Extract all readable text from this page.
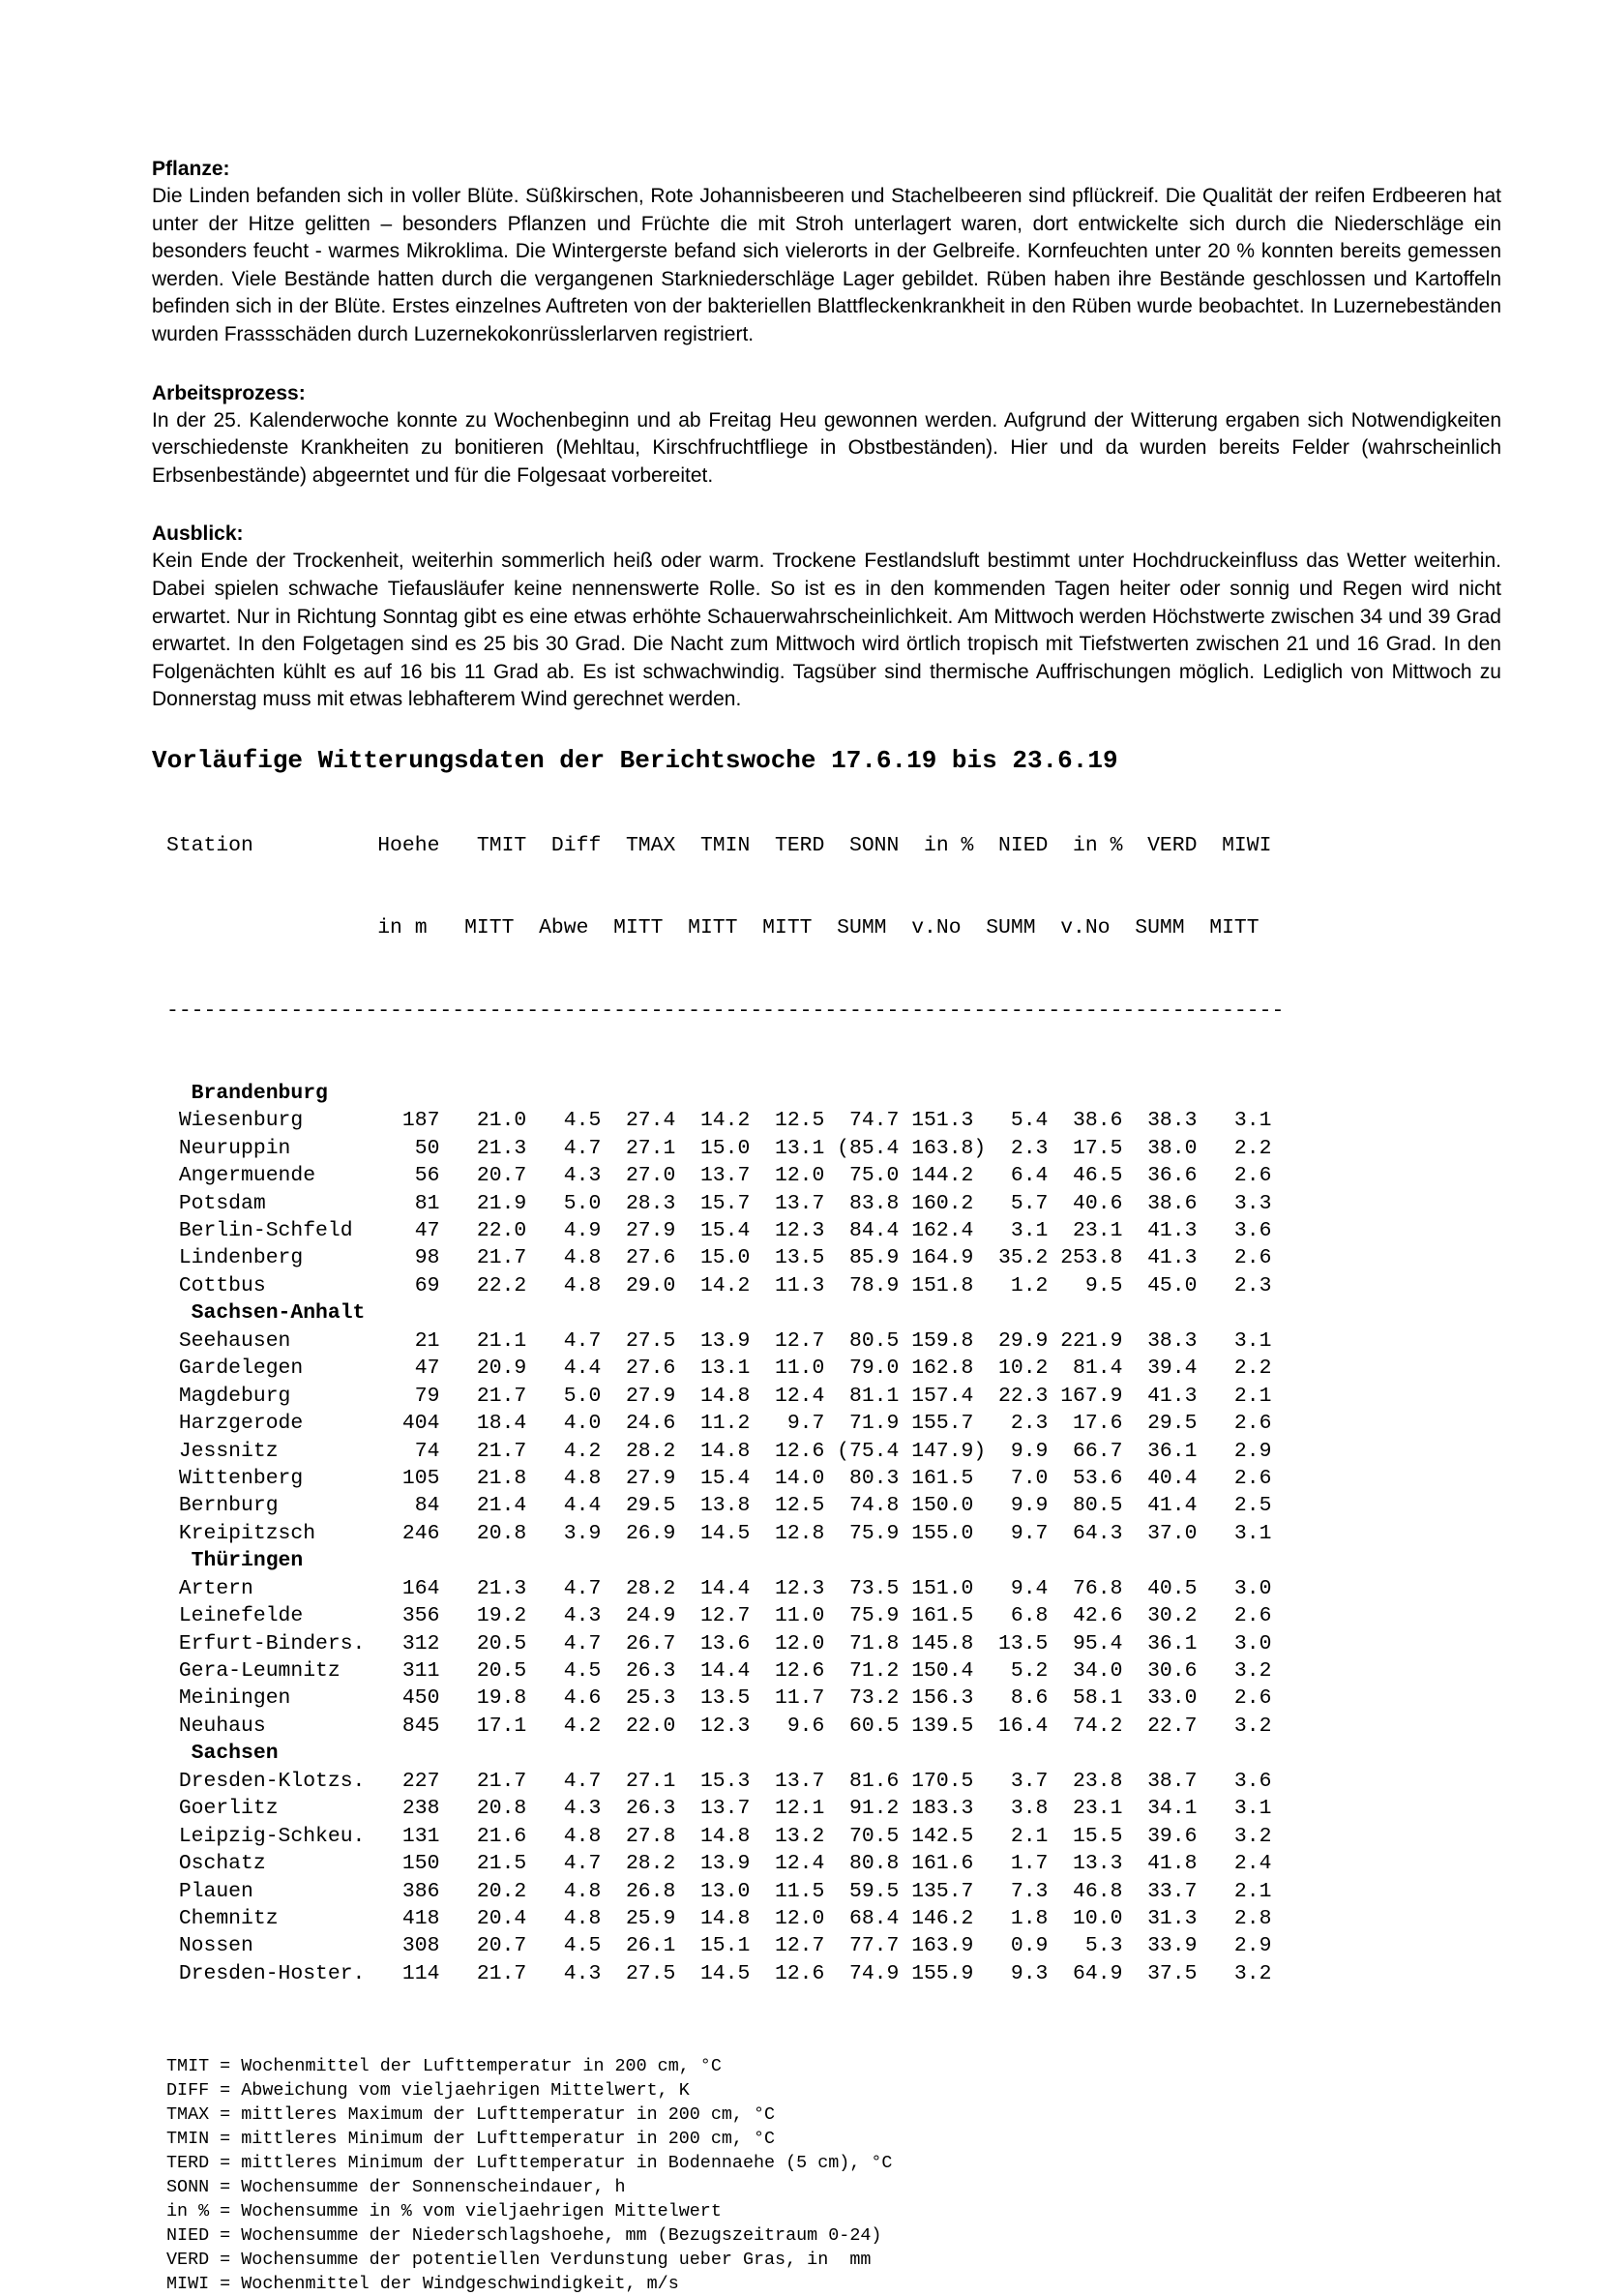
Pflanze:

Die Linden befanden sich in voller Blüte. Süßkirschen, Rote Johannisbeeren und Stachelbeeren sind pflückreif. Die Qualität der reifen Erdbeeren hat unter der Hitze gelitten – besonders Pflanzen und Früchte die mit Stroh unterlagert waren, dort entwickelte sich durch die Niederschläge ein besonders feucht - warmes Mikroklima. Die Wintergerste befand sich vielerorts in der Gelbreife. Kornfeuchten unter 20 % konnten bereits gemessen werden. Viele Bestände hatten durch die vergangenen Starkniederschläge Lager gebildet. Rüben haben ihre Bestände geschlossen und Kartoffeln befinden sich in der Blüte. Erstes einzelnes Auftreten von der bakteriellen Blattfleckenkrankheit in den Rüben wurde beobachtet. In Luzernebeständen wurden Frassschäden durch Luzernekokonrüsslerlarven registriert.

Arbeitsprozess:

In der 25. Kalenderwoche konnte zu Wochenbeginn und ab Freitag Heu gewonnen werden. Aufgrund der Witterung ergaben sich Notwendigkeiten verschiedenste Krankheiten zu bonitieren (Mehltau, Kirschfruchtfliege in Obstbeständen). Hier und da wurden bereits Felder (wahrscheinlich Erbsenbestände) abgeerntet und für die Folgesaat vorbereitet.

Ausblick:

Kein Ende der Trockenheit, weiterhin sommerlich heiß oder warm. Trockene Festlandsluft bestimmt unter Hochdruckeinfluss das Wetter weiterhin. Dabei spielen schwache Tiefausläufer keine nennenswerte Rolle. So ist es in den kommenden Tagen heiter oder sonnig und Regen wird nicht erwartet. Nur in Richtung Sonntag gibt es eine etwas erhöhte Schauerwahrscheinlichkeit. Am Mittwoch werden Höchstwerte zwischen 34 und 39 Grad erwartet. In den Folgetagen sind es 25 bis 30 Grad. Die Nacht zum Mittwoch wird örtlich tropisch mit Tiefstwerten zwischen 21 und 16 Grad. In den Folgenächten kühlt es auf 16 bis 11 Grad ab. Es ist schwachwindig. Tagsüber sind thermische Auffrischungen möglich. Lediglich von Mittwoch zu Donnerstag muss mit etwas lebhafterem Wind gerechnet werden.

Vorläufige Witterungsdaten der Berichtswoche 17.6.19 bis 23.6.19

Station          Hoehe   TMIT  Diff  TMAX  TMIN  TERD  SONN  in %  NIED  in %  VERD  MIWI

in m   MITT  Abwe  MITT  MITT  MITT  SUMM  v.No  SUMM  v.No  SUMM  MITT

------------------------------------------------------------------------------------------

Brandenburg
Wiesenburg        187   21.0   4.5  27.4  14.2  12.5  74.7 151.3   5.4  38.6  38.3   3.1
Neuruppin          50   21.3   4.7  27.1  15.0  13.1 (85.4 163.8)  2.3  17.5  38.0   2.2
Angermuende        56   20.7   4.3  27.0  13.7  12.0  75.0 144.2   6.4  46.5  36.6   2.6
Potsdam            81   21.9   5.0  28.3  15.7  13.7  83.8 160.2   5.7  40.6  38.6   3.3
Berlin-Schfeld     47   22.0   4.9  27.9  15.4  12.3  84.4 162.4   3.1  23.1  41.3   3.6
Lindenberg         98   21.7   4.8  27.6  15.0  13.5  85.9 164.9  35.2 253.8  41.3   2.6
Cottbus            69   22.2   4.8  29.0  14.2  11.3  78.9 151.8   1.2   9.5  45.0   2.3
Sachsen-Anhalt
Seehausen          21   21.1   4.7  27.5  13.9  12.7  80.5 159.8  29.9 221.9  38.3   3.1
Gardelegen         47   20.9   4.4  27.6  13.1  11.0  79.0 162.8  10.2  81.4  39.4   2.2
Magdeburg          79   21.7   5.0  27.9  14.8  12.4  81.1 157.4  22.3 167.9  41.3   2.1
Harzgerode        404   18.4   4.0  24.6  11.2   9.7  71.9 155.7   2.3  17.6  29.5   2.6
Jessnitz           74   21.7   4.2  28.2  14.8  12.6 (75.4 147.9)  9.9  66.7  36.1   2.9
Wittenberg        105   21.8   4.8  27.9  15.4  14.0  80.3 161.5   7.0  53.6  40.4   2.6
Bernburg           84   21.4   4.4  29.5  13.8  12.5  74.8 150.0   9.9  80.5  41.4   2.5
Kreipitzsch       246   20.8   3.9  26.9  14.5  12.8  75.9 155.0   9.7  64.3  37.0   3.1
Thüringen
Artern            164   21.3   4.7  28.2  14.4  12.3  73.5 151.0   9.4  76.8  40.5   3.0
Leinefelde        356   19.2   4.3  24.9  12.7  11.0  75.9 161.5   6.8  42.6  30.2   2.6
Erfurt-Binders.   312   20.5   4.7  26.7  13.6  12.0  71.8 145.8  13.5  95.4  36.1   3.0
Gera-Leumnitz     311   20.5   4.5  26.3  14.4  12.6  71.2 150.4   5.2  34.0  30.6   3.2
Meiningen         450   19.8   4.6  25.3  13.5  11.7  73.2 156.3   8.6  58.1  33.0   2.6
Neuhaus           845   17.1   4.2  22.0  12.3   9.6  60.5 139.5  16.4  74.2  22.7   3.2
Sachsen
Dresden-Klotzs.   227   21.7   4.7  27.1  15.3  13.7  81.6 170.5   3.7  23.8  38.7   3.6
Goerlitz          238   20.8   4.3  26.3  13.7  12.1  91.2 183.3   3.8  23.1  34.1   3.1
Leipzig-Schkeu.   131   21.6   4.8  27.8  14.8  13.2  70.5 142.5   2.1  15.5  39.6   3.2
Oschatz           150   21.5   4.7  28.2  13.9  12.4  80.8 161.6   1.7  13.3  41.8   2.4
Plauen            386   20.2   4.8  26.8  13.0  11.5  59.5 135.7   7.3  46.8  33.7   2.1
Chemnitz          418   20.4   4.8  25.9  14.8  12.0  68.4 146.2   1.8  10.0  31.3   2.8
Nossen            308   20.7   4.5  26.1  15.1  12.7  77.7 163.9   0.9   5.3  33.9   2.9
Dresden-Hoster.   114   21.7   4.3  27.5  14.5  12.6  74.9 155.9   9.3  64.9  37.5   3.2

TMIT = Wochenmittel der Lufttemperatur in 200 cm, °C
DIFF = Abweichung vom vieljaehrigen Mittelwert, K
TMAX = mittleres Maximum der Lufttemperatur in 200 cm, °C
TMIN = mittleres Minimum der Lufttemperatur in 200 cm, °C
TERD = mittleres Minimum der Lufttemperatur in Bodennaehe (5 cm), °C
SONN = Wochensumme der Sonnenscheindauer, h
in % = Wochensumme in % vom vieljaehrigen Mittelwert
NIED = Wochensumme der Niederschlagshoehe, mm (Bezugszeitraum 0-24)
VERD = Wochensumme der potentiellen Verdunstung ueber Gras, in  mm
MIWI = Wochenmittel der Windgeschwindigkeit, m/s
